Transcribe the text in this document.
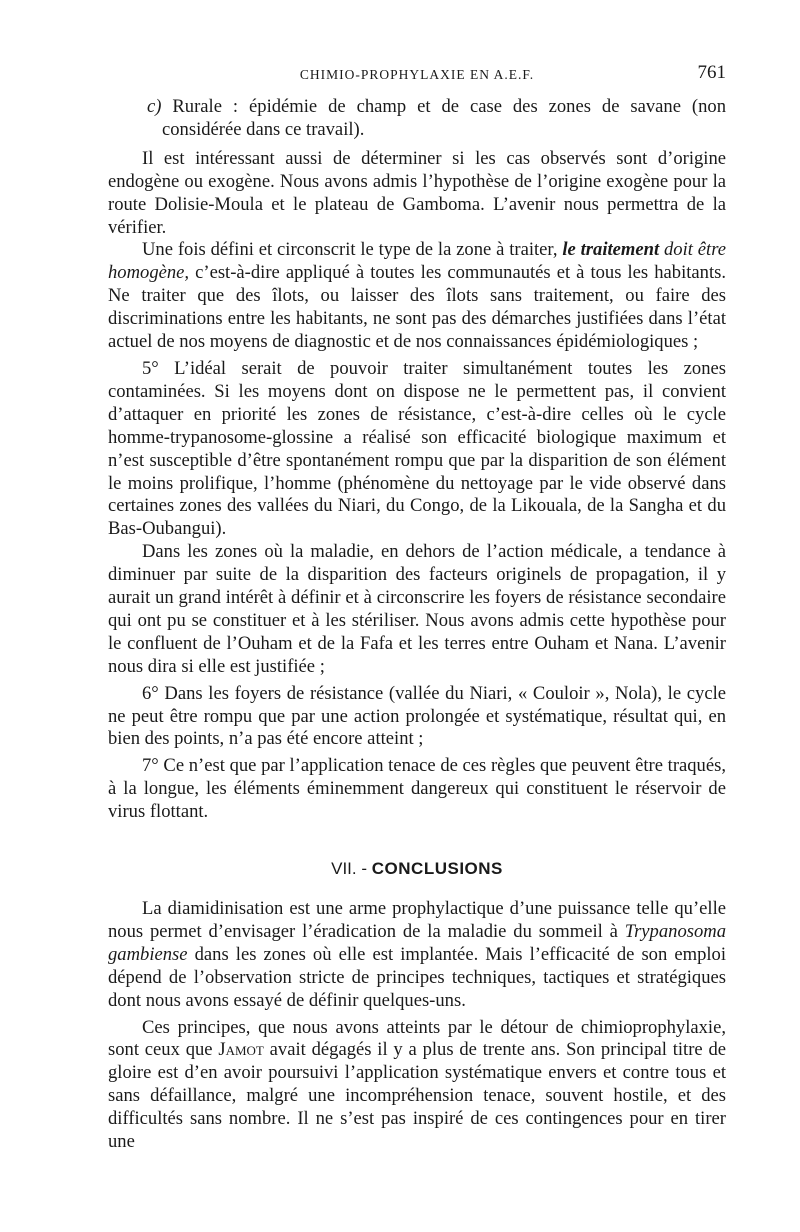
CHIMIO-PROPHYLAXIE EN A.E.F.	761

c) Rurale : épidémie de champ et de case des zones de savane (non considérée dans ce travail).

Il est intéressant aussi de déterminer si les cas observés sont d’origine endogène ou exogène. Nous avons admis l’hypothèse de l’origine exogène pour la route Dolisie-Moula et le plateau de Gamboma. L’avenir nous permettra de la vérifier.

Une fois défini et circonscrit le type de la zone à traiter, le traitement doit être homogène, c’est-à-dire appliqué à toutes les communautés et à tous les habitants. Ne traiter que des îlots, ou laisser des îlots sans traitement, ou faire des discriminations entre les habitants, ne sont pas des démarches justifiées dans l’état actuel de nos moyens de diagnostic et de nos connaissances épidémiologiques ;

5° L’idéal serait de pouvoir traiter simultanément toutes les zones contaminées. Si les moyens dont on dispose ne le permettent pas, il convient d’attaquer en priorité les zones de résistance, c’est-à-dire celles où le cycle homme-trypanosome-glossine a réalisé son efficacité biologique maximum et n’est susceptible d’être spontanément rompu que par la disparition de son élément le moins prolifique, l’homme (phénomène du nettoyage par le vide observé dans certaines zones des vallées du Niari, du Congo, de la Likouala, de la Sangha et du Bas-Oubangui).

Dans les zones où la maladie, en dehors de l’action médicale, a tendance à diminuer par suite de la disparition des facteurs originels de propagation, il y aurait un grand intérêt à définir et à circonscrire les foyers de résistance secondaire qui ont pu se constituer et à les stériliser. Nous avons admis cette hypothèse pour le confluent de l’Ouham et de la Fafa et les terres entre Ouham et Nana. L’avenir nous dira si elle est justifiée ;

6° Dans les foyers de résistance (vallée du Niari, « Couloir », Nola), le cycle ne peut être rompu que par une action prolongée et systématique, résultat qui, en bien des points, n’a pas été encore atteint ;

7° Ce n’est que par l’application tenace de ces règles que peuvent être traqués, à la longue, les éléments éminemment dangereux qui constituent le réservoir de virus flottant.

VII. - CONCLUSIONS

La diamidinisation est une arme prophylactique d’une puissance telle qu’elle nous permet d’envisager l’éradication de la maladie du sommeil à Trypanosoma gambiense dans les zones où elle est implantée. Mais l’efficacité de son emploi dépend de l’observation stricte de principes techniques, tactiques et stratégiques dont nous avons essayé de définir quelques-uns.

Ces principes, que nous avons atteints par le détour de chimioprophylaxie, sont ceux que Jamot avait dégagés il y a plus de trente ans. Son principal titre de gloire est d’en avoir poursuivi l’application systématique envers et contre tous et sans défaillance, malgré une incompréhension tenace, souvent hostile, et des difficultés sans nombre. Il ne s’est pas inspiré de ces contingences pour en tirer une
